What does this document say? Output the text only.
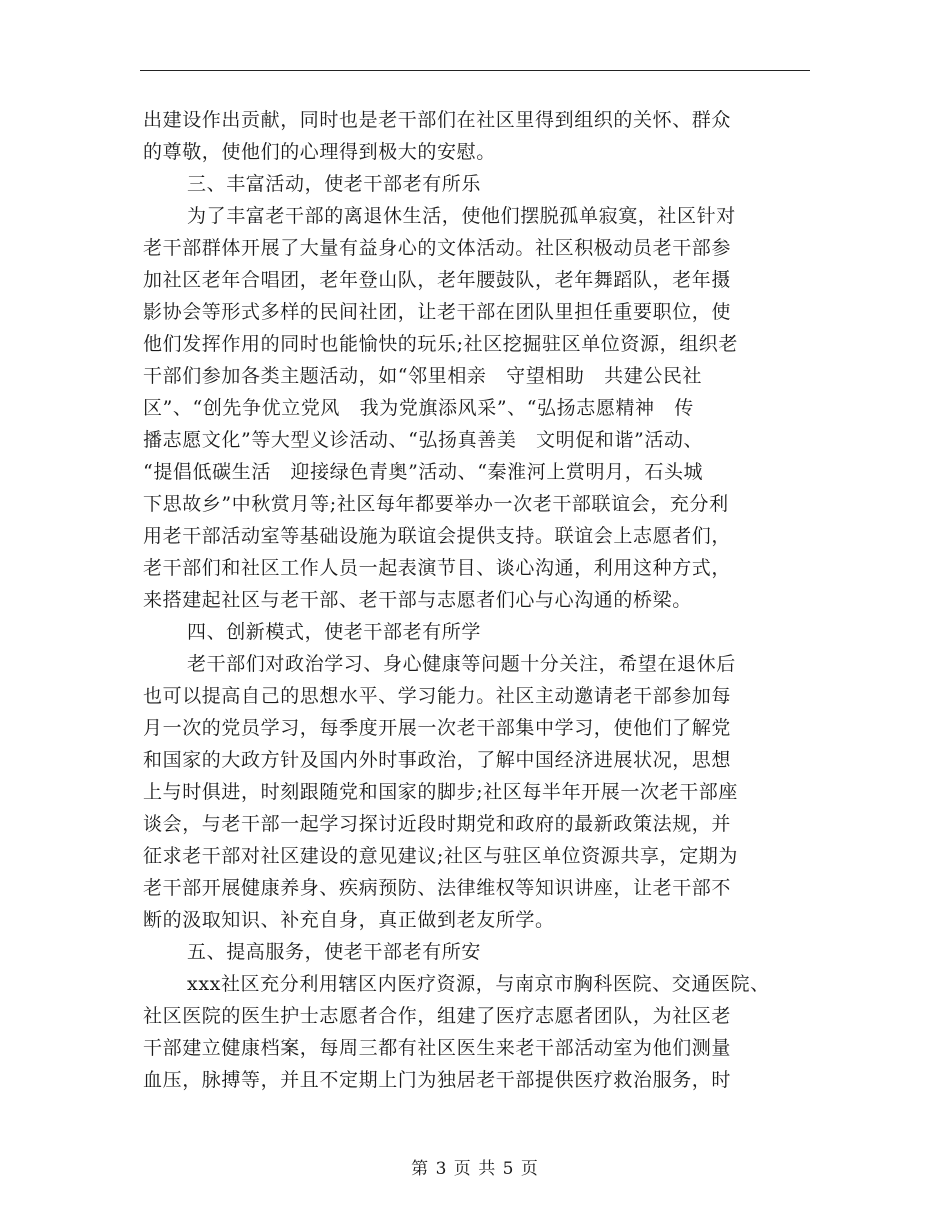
出建设作出贡献，同时也是老干部们在社区里得到组织的关怀、群众
的尊敬，使他们的心理得到极大的安慰。
三、丰富活动，使老干部老有所乐
为了丰富老干部的离退休生活，使他们摆脱孤单寂寞，社区针对
老干部群体开展了大量有益身心的文体活动。社区积极动员老干部参
加社区老年合唱团，老年登山队，老年腰鼓队，老年舞蹈队，老年摄
影协会等形式多样的民间社团，让老干部在团队里担任重要职位，使
他们发挥作用的同时也能愉快的玩乐;社区挖掘驻区单位资源，组织老
干部们参加各类主题活动，如“邻里相亲　守望相助　共建公民社
区”、“创先争优立党风　我为党旗添风采”、“弘扬志愿精神　传
播志愿文化”等大型义诊活动、“弘扬真善美　文明促和谐”活动、
“提倡低碳生活　迎接绿色青奥”活动、“秦淮河上赏明月，石头城
下思故乡”中秋赏月等;社区每年都要举办一次老干部联谊会，充分利
用老干部活动室等基础设施为联谊会提供支持。联谊会上志愿者们，
老干部们和社区工作人员一起表演节目、谈心沟通，利用这种方式，
来搭建起社区与老干部、老干部与志愿者们心与心沟通的桥梁。
四、创新模式，使老干部老有所学
老干部们对政治学习、身心健康等问题十分关注，希望在退休后
也可以提高自己的思想水平、学习能力。社区主动邀请老干部参加每
月一次的党员学习，每季度开展一次老干部集中学习，使他们了解党
和国家的大政方针及国内外时事政治，了解中国经济进展状况，思想
上与时俱进，时刻跟随党和国家的脚步;社区每半年开展一次老干部座
谈会，与老干部一起学习探讨近段时期党和政府的最新政策法规，并
征求老干部对社区建设的意见建议;社区与驻区单位资源共享，定期为
老干部开展健康养身、疾病预防、法律维权等知识讲座，让老干部不
断的汲取知识、补充自身，真正做到老友所学。
五、提高服务，使老干部老有所安
xxx社区充分利用辖区内医疗资源，与南京市胸科医院、交通医院、
社区医院的医生护士志愿者合作，组建了医疗志愿者团队，为社区老
干部建立健康档案，每周三都有社区医生来老干部活动室为他们测量
血压，脉搏等，并且不定期上门为独居老干部提供医疗救治服务，时
第 3 页 共 5 页
